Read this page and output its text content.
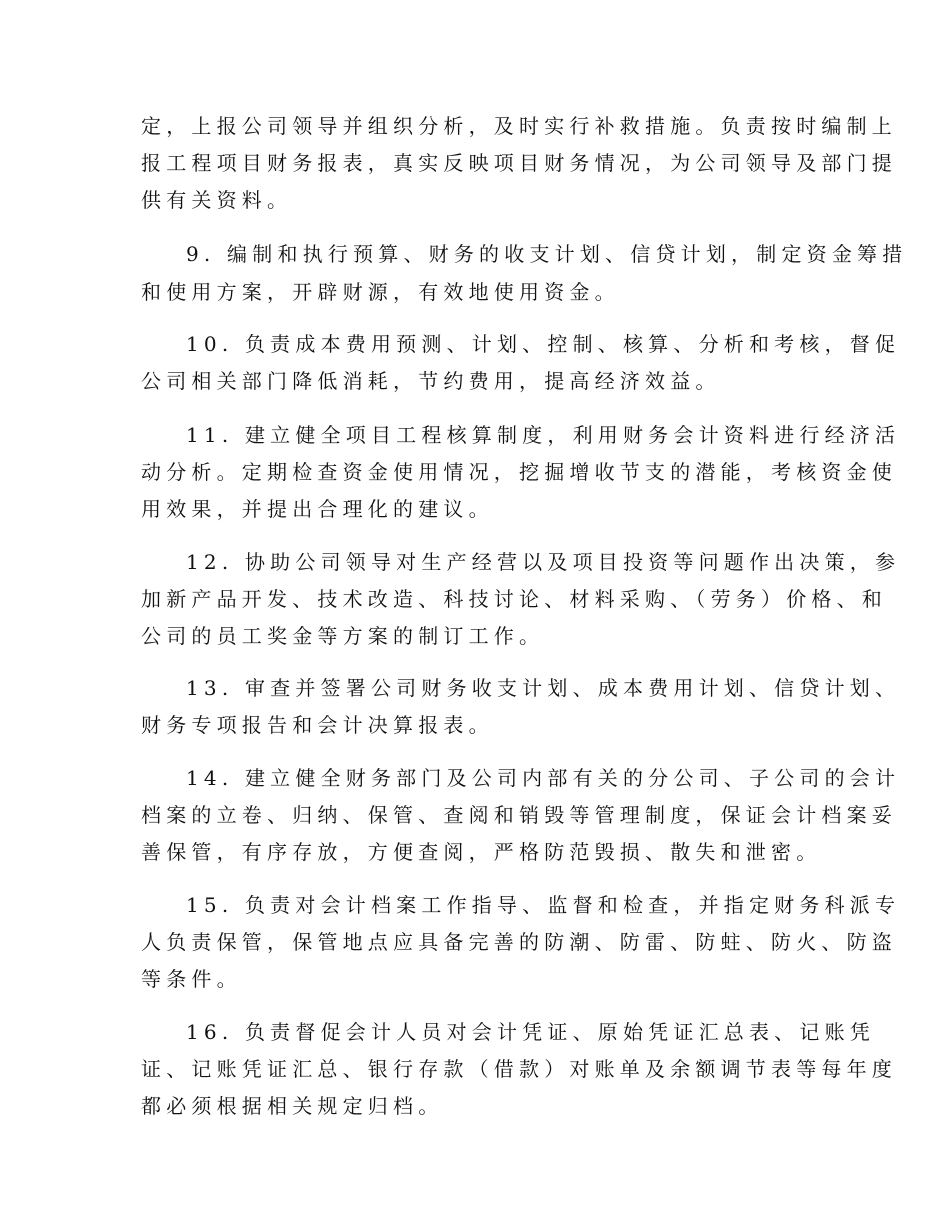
定，上报公司领导并组织分析，及时实行补救措施。负责按时编制上
报工程项目财务报表，真实反映项目财务情况，为公司领导及部门提
供有关资料。
9. 编制和执行预算、财务的收支计划、信贷计划，制定资金筹措
和使用方案，开辟财源，有效地使用资金。
10. 负责成本费用预测、计划、控制、核算、分析和考核，督促
公司相关部门降低消耗，节约费用，提高经济效益。
11. 建立健全项目工程核算制度，利用财务会计资料进行经济活
动分析。定期检查资金使用情况，挖掘增收节支的潜能，考核资金使
用效果，并提出合理化的建议。
12. 协助公司领导对生产经营以及项目投资等问题作出决策，参
加新产品开发、技术改造、科技讨论、材料采购、（劳务）价格、和
公司的员工奖金等方案的制订工作。
13. 审查并签署公司财务收支计划、成本费用计划、信贷计划、
财务专项报告和会计决算报表。
14. 建立健全财务部门及公司内部有关的分公司、子公司的会计
档案的立卷、归纳、保管、查阅和销毁等管理制度，保证会计档案妥
善保管，有序存放，方便查阅，严格防范毁损、散失和泄密。
15. 负责对会计档案工作指导、监督和检查，并指定财务科派专
人负责保管，保管地点应具备完善的防潮、防雷、防蛀、防火、防盗
等条件。
16. 负责督促会计人员对会计凭证、原始凭证汇总表、记账凭
证、记账凭证汇总、银行存款（借款）对账单及余额调节表等每年度
都必须根据相关规定归档。
